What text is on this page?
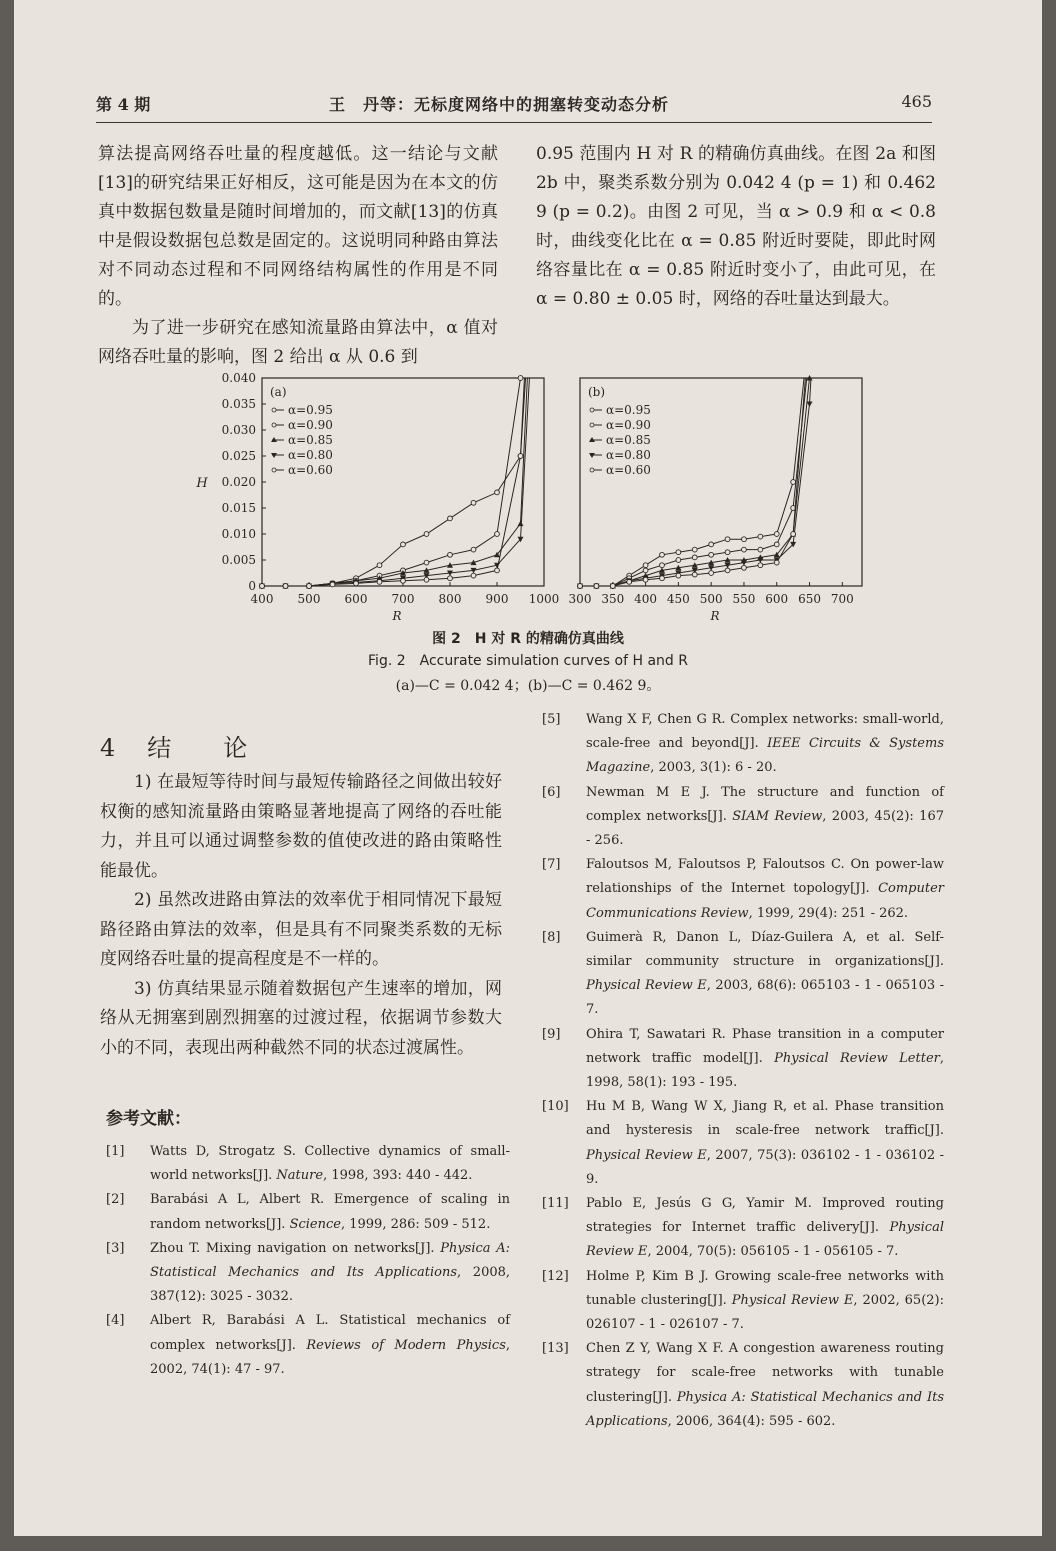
第 4 期	王　丹等：无标度网络中的拥塞转变动态分析	465

算法提高网络吞吐量的程度越低。这一结论与文献[13]的研究结果正好相反，这可能是因为在本文的仿真中数据包数量是随时间增加的，而文献[13]的仿真中是假设数据包总数是固定的。这说明同种路由算法对不同动态过程和不同网络结构属性的作用是不同的。

为了进一步研究在感知流量路由算法中，α 值对网络吞吐量的影响，图 2 给出 α 从 0.6 到

0.95 范围内 H 对 R 的精确仿真曲线。在图 2a 和图 2b 中，聚类系数分别为 0.042 4 (p = 1) 和 0.462 9 (p = 0.2)。由图 2 可见，当 α > 0.9 和 α < 0.8 时，曲线变化比在 α = 0.85 附近时要陡，即此时网络容量比在 α = 0.85 附近时变小了，由此可见，在 α = 0.80 ± 0.05 时，网络的吞吐量达到最大。

400 500 600 700 800 900 1000
R
0
0.005
0.010
0.015
0.020
0.025
0.030
0.035
0.040
H
(a)
α=0.95
α=0.90
α=0.85
α=0.80
α=0.60
300 350 400 450 500 550 600 650 700
R
(b)
α=0.95
α=0.90
α=0.85
α=0.80
α=0.60
图 2　H 对 R 的精确仿真曲线
Fig. 2　Accurate simulation curves of H and R
(a)—C = 0.042 4；(b)—C = 0.462 9。
4 结 论

1) 在最短等待时间与最短传输路径之间做出较好权衡的感知流量路由策略显著地提高了网络的吞吐能力，并且可以通过调整参数的值使改进的路由策略性能最优。

2) 虽然改进路由算法的效率优于相同情况下最短路径路由算法的效率，但是具有不同聚类系数的无标度网络吞吐量的提高程度是不一样的。

3) 仿真结果显示随着数据包产生速率的增加，网络从无拥塞到剧烈拥塞的过渡过程，依据调节参数大小的不同，表现出两种截然不同的状态过渡属性。

参考文献：

[1] Watts D, Strogatz S. Collective dynamics of small-world networks[J]. Nature, 1998, 393: 440 - 442.

[2] Barabási A L, Albert R. Emergence of scaling in random networks[J]. Science, 1999, 286: 509 - 512.

[3] Zhou T. Mixing navigation on networks[J]. Physica A: Statistical Mechanics and Its Applications, 2008, 387(12): 3025 - 3032.

[4] Albert R, Barabási A L. Statistical mechanics of complex networks[J]. Reviews of Modern Physics, 2002, 74(1): 47 - 97.

[5] Wang X F, Chen G R. Complex networks: small-world, scale-free and beyond[J]. IEEE Circuits & Systems Magazine, 2003, 3(1): 6 - 20.

[6] Newman M E J. The structure and function of complex networks[J]. SIAM Review, 2003, 45(2): 167 - 256.

[7] Faloutsos M, Faloutsos P, Faloutsos C. On power-law relationships of the Internet topology[J]. Computer Communications Review, 1999, 29(4): 251 - 262.

[8] Guimerà R, Danon L, Díaz-Guilera A, et al. Self-similar community structure in organizations[J]. Physical Review E, 2003, 68(6): 065103 - 1 - 065103 - 7.

[9] Ohira T, Sawatari R. Phase transition in a computer network traffic model[J]. Physical Review Letter, 1998, 58(1): 193 - 195.

[10] Hu M B, Wang W X, Jiang R, et al. Phase transition and hysteresis in scale-free network traffic[J]. Physical Review E, 2007, 75(3): 036102 - 1 - 036102 - 9.

[11] Pablo E, Jesús G G, Yamir M. Improved routing strategies for Internet traffic delivery[J]. Physical Review E, 2004, 70(5): 056105 - 1 - 056105 - 7.

[12] Holme P, Kim B J. Growing scale-free networks with tunable clustering[J]. Physical Review E, 2002, 65(2): 026107 - 1 - 026107 - 7.

[13] Chen Z Y, Wang X F. A congestion awareness routing strategy for scale-free networks with tunable clustering[J]. Physica A: Statistical Mechanics and Its Applications, 2006, 364(4): 595 - 602.
